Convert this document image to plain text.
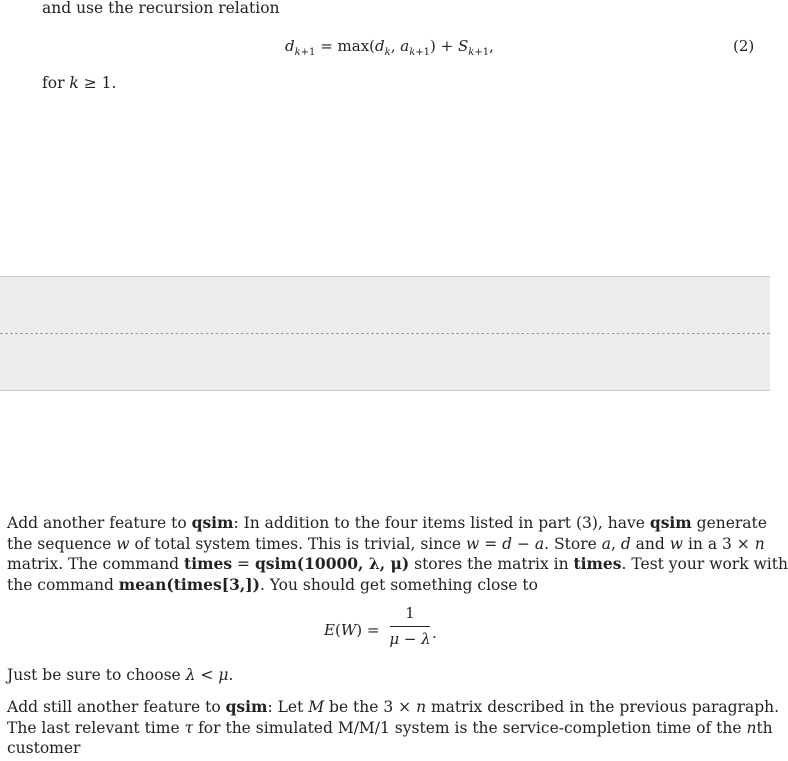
and use the recursion relation
$d_{k+1} = \max(d_k$, $a_{k+1}) + S_{k+1}$,	(2)
for k ≥ 1.
Add another feature to qsim: In addition to the four items listed in part (3), have qsim generate
the sequence w of total system times. This is trivial, since w = d − a. Store a, d and w in a 3 × n
matrix. The command times = qsim(10000, λ, μ) stores the matrix in times. Test your work with
the command mean(times[3,]). You should get something close to
E(W) =
1
μ − λ .
Just be sure to choose λ < μ.
Add still another feature to qsim: Let M be the 3 × n matrix described in the previous paragraph.
The last relevant time τ for the simulated M/M/1 system is the service-completion time of the nth
customer
